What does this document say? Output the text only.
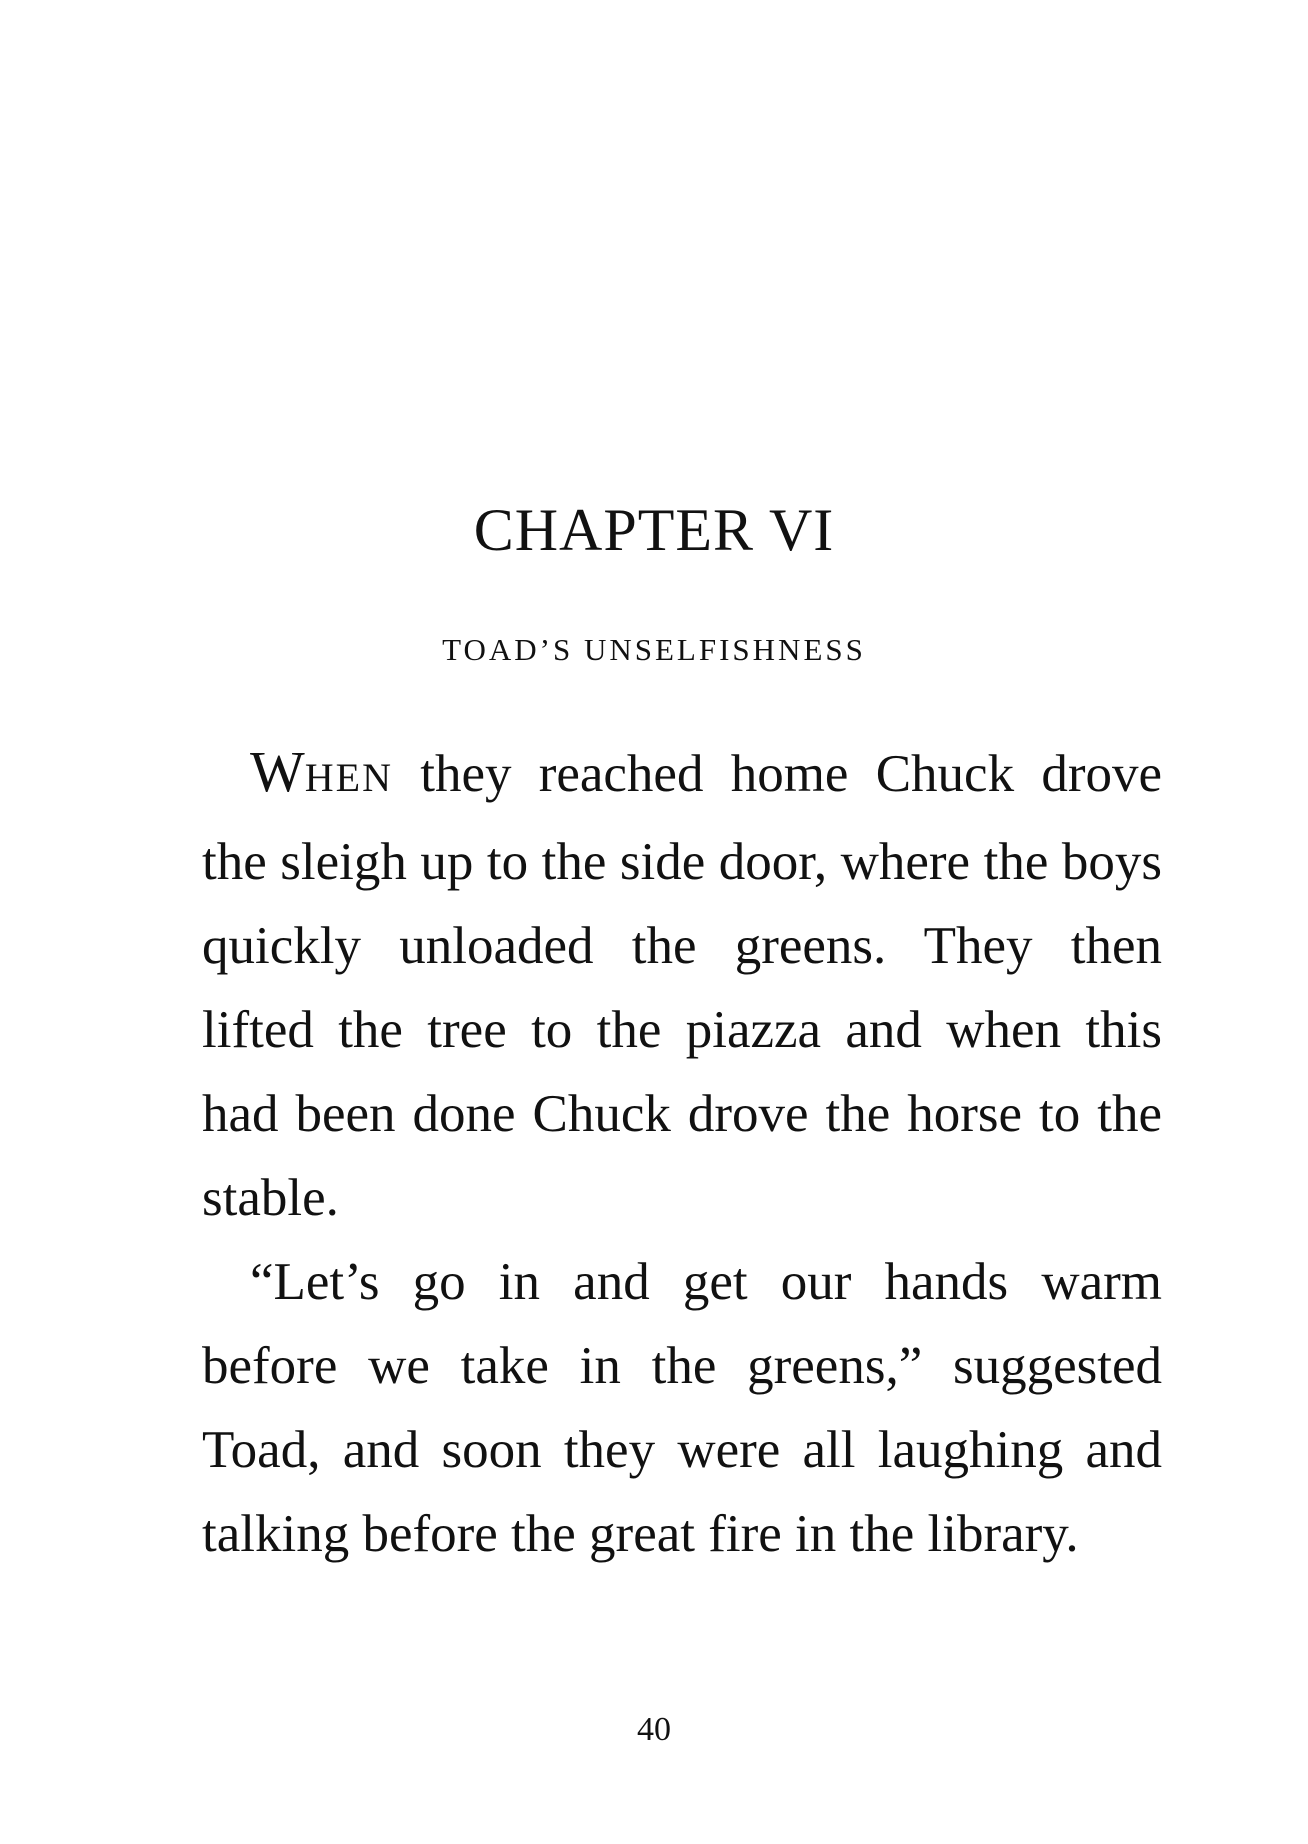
CHAPTER VI
TOAD’S UNSELFISHNESS

WHEN they reached home Chuck drove the sleigh up to the side door, where the boys quickly unloaded the greens. They then lifted the tree to the piazza and when this had been done Chuck drove the horse to the stable.

“Let’s go in and get our hands warm before we take in the greens,” suggested Toad, and soon they were all laughing and talking before the great fire in the library.

40
